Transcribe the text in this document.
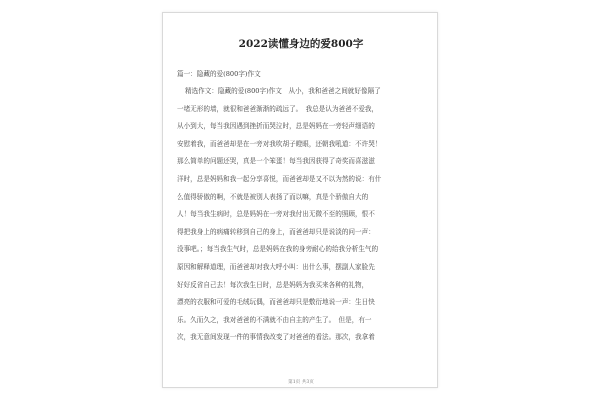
2022读懂身边的爱800字
篇一：隐藏的爱(800字)作文
精选作文：隐藏的爱(800字)作文　从小，我和爸爸之间就好像隔了
一堵无形的墙，就很和爸爸渐渐的疏远了。　我总是认为爸爸不爱我，
从小到大，每当我因遇到挫折而哭泣时，总是妈妈在一旁轻声细语的
安慰着我，而爸爸却是在一旁对我吹胡子瞪眼，还朝我吼道：不许哭！
那么简单的问题还哭，真是一个笨蛋！每当我因获得了奇奖而喜滋滋
洋时，总是妈妈和我一起分享喜悦，而爸爸却是又不以为然的说：有什
么值得骄傲的啊，不就是被别人表扬了而以嘛，真是个骄傲自大的
人！每当我生病时，总是妈妈在一旁对我付出无微不至的照顾，恨不
得把我身上的病痛转移到自己的身上，而爸爸却只是说淡的问一声：
没事吧。；每当我生气时，总是妈妈在我的身旁耐心的给我分析生气的
原因和解释道理，而爸爸却对我大呼小叫：出什么事，摆副人家脸先
好好反省自己去！每次我生日时，总是妈妈为我买来各种的礼物，
漂亮的衣服和可爱的毛绒玩偶，而爸爸却只是敷衍地说一声：生日快
乐。久而久之，我对爸爸的不满就不由自主的产生了。　但是，有一
次，我无意间发现一件的事情我改变了对爸爸的看法。那次，我拿着
第1页 共3页
